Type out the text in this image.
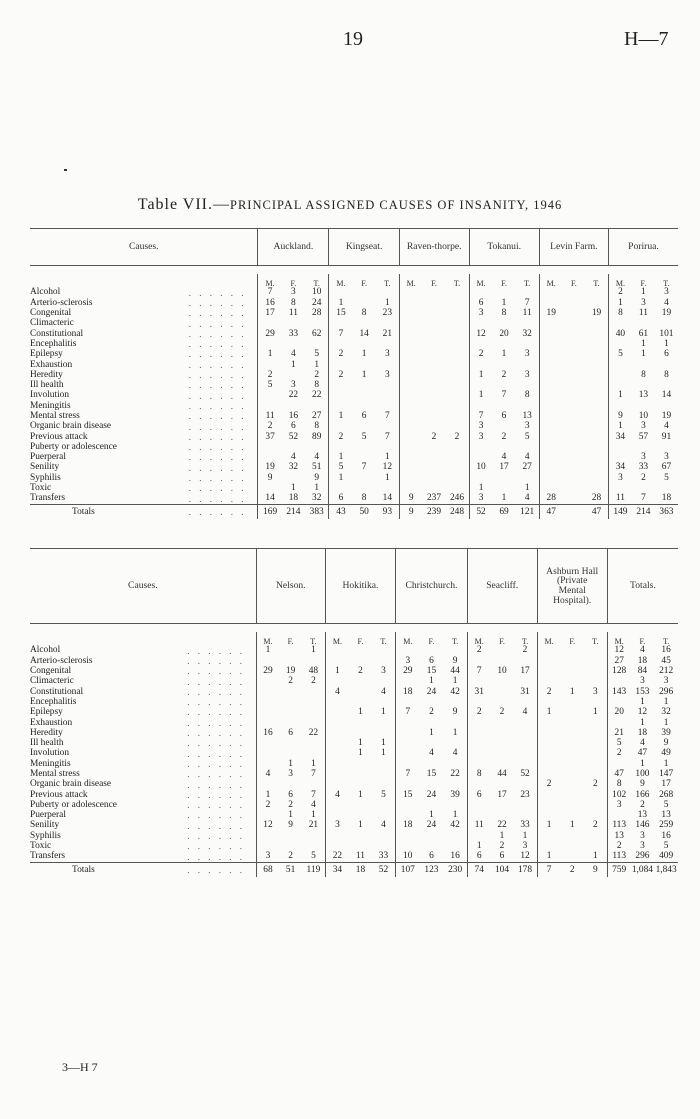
19	H—7
Table VII.—PRINCIPAL ASSIGNED CAUSES OF INSANITY, 1946
Causes.		Auckland.			Kingseat.			Raven-thorpe.			Tokanui.			Levin Farm.			Porirua.		

		M.	F.	T.	M.	F.	T.	M.	F.	T.	M.	F.	T.	M.	F.	T.	M.	F.	T.
Alcohol	. . . . . .	7	3	10													2	1	3
Arterio-sclerosis	. . . . . .	16	8	24	1		1				6	1	7				1	3	4
Congenital	. . . . . .	17	11	28	15	8	23				3	8	11	19		19	8	11	19
Climacteric	. . . . . .																		
Constitutional	. . . . . .	29	33	62	7	14	21				12	20	32				40	61	101
Encephalitis	. . . . . .																	1	1
Epilepsy	. . . . . .	1	4	5	2	1	3				2	1	3				5	1	6
Exhaustion	. . . . . .		1	1															
Heredity	. . . . . .	2		2	2	1	3				1	2	3					8	8
Ill health	. . . . . .	5	3	8															
Involution	. . . . . .		22	22							1	7	8				1	13	14
Meningitis	. . . . . .																		
Mental stress	. . . . . .	11	16	27	1	6	7				7	6	13				9	10	19
Organic brain disease	. . . . . .	2	6	8							3		3				1	3	4
Previous attack	. . . . . .	37	52	89	2	5	7		2	2	3	2	5				34	57	91
Puberty or adolescence	. . . . . .																		
Puerperal	. . . . . .		4	4	1		1					4	4					3	3
Senility	. . . . . .	19	32	51	5	7	12				10	17	27				34	33	67
Syphilis	. . . . . .	9		9	1		1										3	2	5
Toxic	. . . . . .		1	1							1		1						
Transfers	. . . . . .	14	18	32	6	8	14	9	237	246	3	1	4	28		28	11	7	18
Totals	. . . . . .	169	214	383	43	50	93	9	239	248	52	69	121	47		47	149	214	363
Causes.		Nelson.			Hokitika.			Christchurch.			Seacliff.			Ashburn Hall (Private Mental Hospital).			Totals.		

		M.	F.	T.	M.	F.	T.	M.	F.	T.	M.	F.	T.	M.	F.	T.	M.	F.	T.
Alcohol	. . . . . .	1		1							2		2				12	4	16
Arterio-sclerosis	. . . . . .							3	6	9							27	18	45
Congenital	. . . . . .	29	19	48	1	2	3	29	15	44	7	10	17				128	84	212
Climacteric	. . . . . .		2	2					1	1								3	3
Constitutional	. . . . . .				4		4	18	24	42	31		31	2	1	3	143	153	296
Encephalitis	. . . . . .																	1	1
Epilepsy	. . . . . .					1	1	7	2	9	2	2	4	1		1	20	12	32
Exhaustion	. . . . . .																	1	1
Heredity	. . . . . .	16	6	22					1	1							21	18	39
Ill health	. . . . . .					1	1										5	4	9
Involution	. . . . . .					1	1		4	4							2	47	49
Meningitis	. . . . . .		1	1														1	1
Mental stress	. . . . . .	4	3	7				7	15	22	8	44	52				47	100	147
Organic brain disease	. . . . . .													2		2	8	9	17
Previous attack	. . . . . .	1	6	7	4	1	5	15	24	39	6	17	23				102	166	268
Puberty or adolescence	. . . . . .	2	2	4													3	2	5
Puerperal	. . . . . .		1	1					1	1								13	13
Senility	. . . . . .	12	9	21	3	1	4	18	24	42	11	22	33	1	1	2	113	146	259
Syphilis	. . . . . .											1	1				13	3	16
Toxic	. . . . . .										1	2	3				2	3	5
Transfers	. . . . . .	3	2	5	22	11	33	10	6	16	6	6	12	1		1	113	296	409
Totals	. . . . . .	68	51	119	34	18	52	107	123	230	74	104	178	7	2	9	759	1,084	1,843
3—H 7
